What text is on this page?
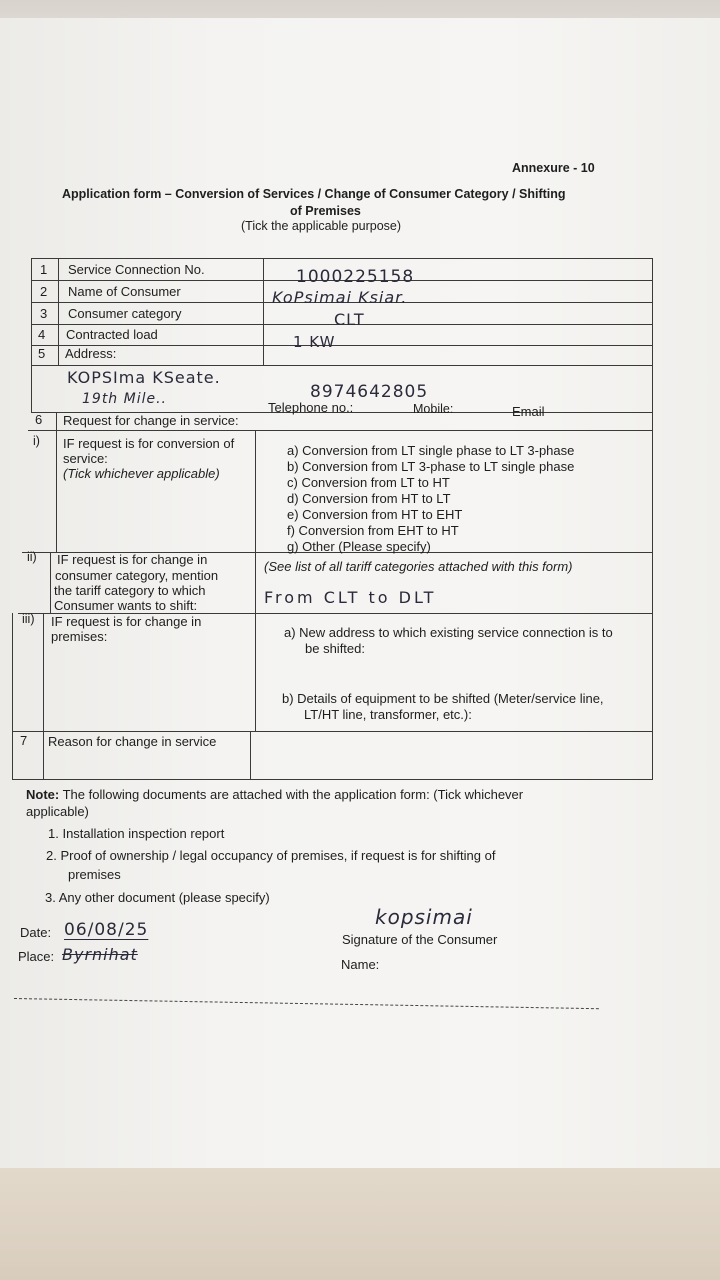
Annexure - 10
Application form – Conversion of Services / Change of Consumer Category / Shifting
of Premises
(Tick the applicable purpose)
1 Service Connection No.	1000225158
2 Name of Consumer	KoPsimai Ksiar.
3 Consumer category	CLT
4 Contracted load	1 KW
5 Address:
KOPSIma KSeate.
19th Mile..	8974642805
Telephone no.:	Mobile:	Email
6 Request for change in service:
i) IF request is for conversion of
service:
(Tick whichever applicable)
a) Conversion from LT single phase to LT 3-phase
b) Conversion from LT 3-phase to LT single phase
c) Conversion from LT to HT
d) Conversion from HT to LT
e) Conversion from HT to EHT
f) Conversion from EHT to HT
g) Other (Please specify)
ii) IF request is for change in
consumer category, mention
the tariff category to which
Consumer wants to shift:
(See list of all tariff categories attached with this form)
From CLT to DLT
iii) IF request is for change in
premises:	a) New address to which existing service connection is to
be shifted:
b) Details of equipment to be shifted (Meter/service line,
LT/HT line, transformer, etc.):
7 Reason for change in service
Note: The following documents are attached with the application form: (Tick whichever
applicable)
1. Installation inspection report
2. Proof of ownership / legal occupancy of premises, if request is for shifting of
premises
3. Any other document (please specify)
Date: 06/08/25
Place: Byrnihat
kopsimai
Signature of the Consumer
Name:
